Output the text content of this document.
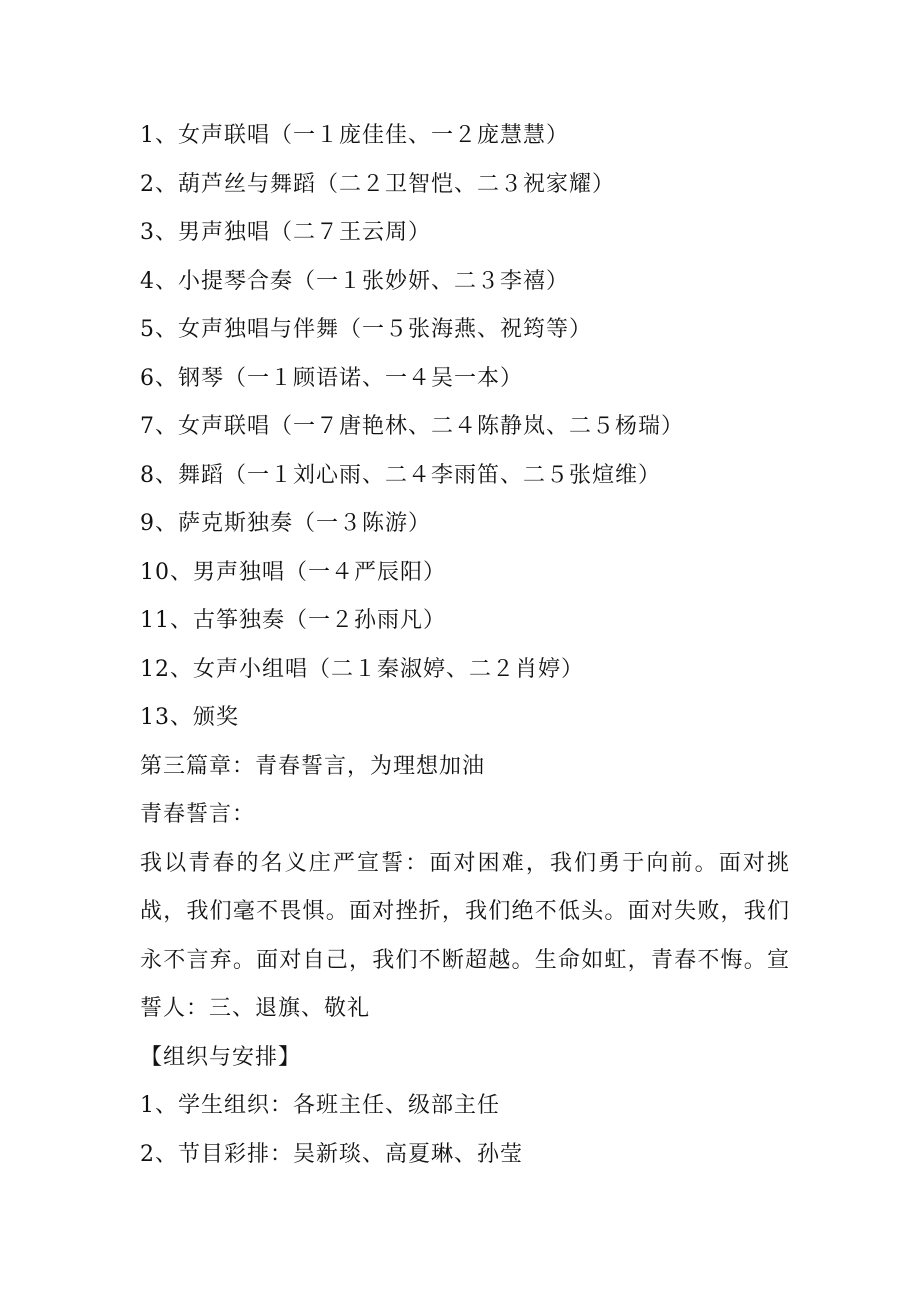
1、女声联唱（一１庞佳佳、一２庞慧慧）
2、葫芦丝与舞蹈（二２卫智恺、二３祝家耀）
3、男声独唱（二７王云周）
4、小提琴合奏（一１张妙妍、二３李禧）
5、女声独唱与伴舞（一５张海燕、祝筠等）
6、钢琴（一１顾语诺、一４吴一本）
7、女声联唱（一７唐艳林、二４陈静岚、二５杨瑞）
8、舞蹈（一１刘心雨、二４李雨笛、二５张煊维）
9、萨克斯独奏（一３陈游）
10、男声独唱（一４严辰阳）
11、古筝独奏（一２孙雨凡）
12、女声小组唱（二１秦淑婷、二２肖婷）
13、颁奖
第三篇章：青春誓言，为理想加油
青春誓言：
我以青春的名义庄严宣誓：面对困难，我们勇于向前。面对挑战，我们毫不畏惧。面对挫折，我们绝不低头。面对失败，我们永不言弃。面对自己，我们不断超越。生命如虹，青春不悔。宣誓人：三、退旗、敬礼
【组织与安排】
1、学生组织：各班主任、级部主任
2、节目彩排：吴新琰、高夏琳、孙莹
